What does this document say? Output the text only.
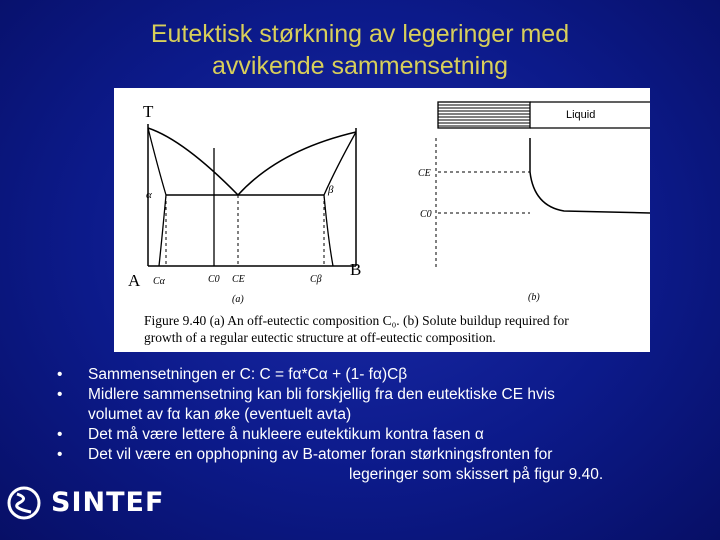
Eutektisk størkning av legeringer med
avvikende sammensetning
T
α	β
A
B
Cα	C0 CE	Cβ
(a)
Liquid
CE
C0
(b)
Figure 9.40 (a) An off-eutectic composition C₀. (b) Solute buildup required for
growth of a regular eutectic structure at off-eutectic composition.
• Sammensetningen er C: C = fα*Cα + (1- fα)Cβ
• Midlere sammensetning kan bli forskjellig fra den eutektiske CE hvis
volumet av fα kan øke (eventuelt avta)
• Det må være lettere å nukleere eutektikum kontra fasen α
• Det vil være en opphopning av B-atomer foran størkningsfronten for
legeringer som skissert på figur 9.40.
SINTEF
